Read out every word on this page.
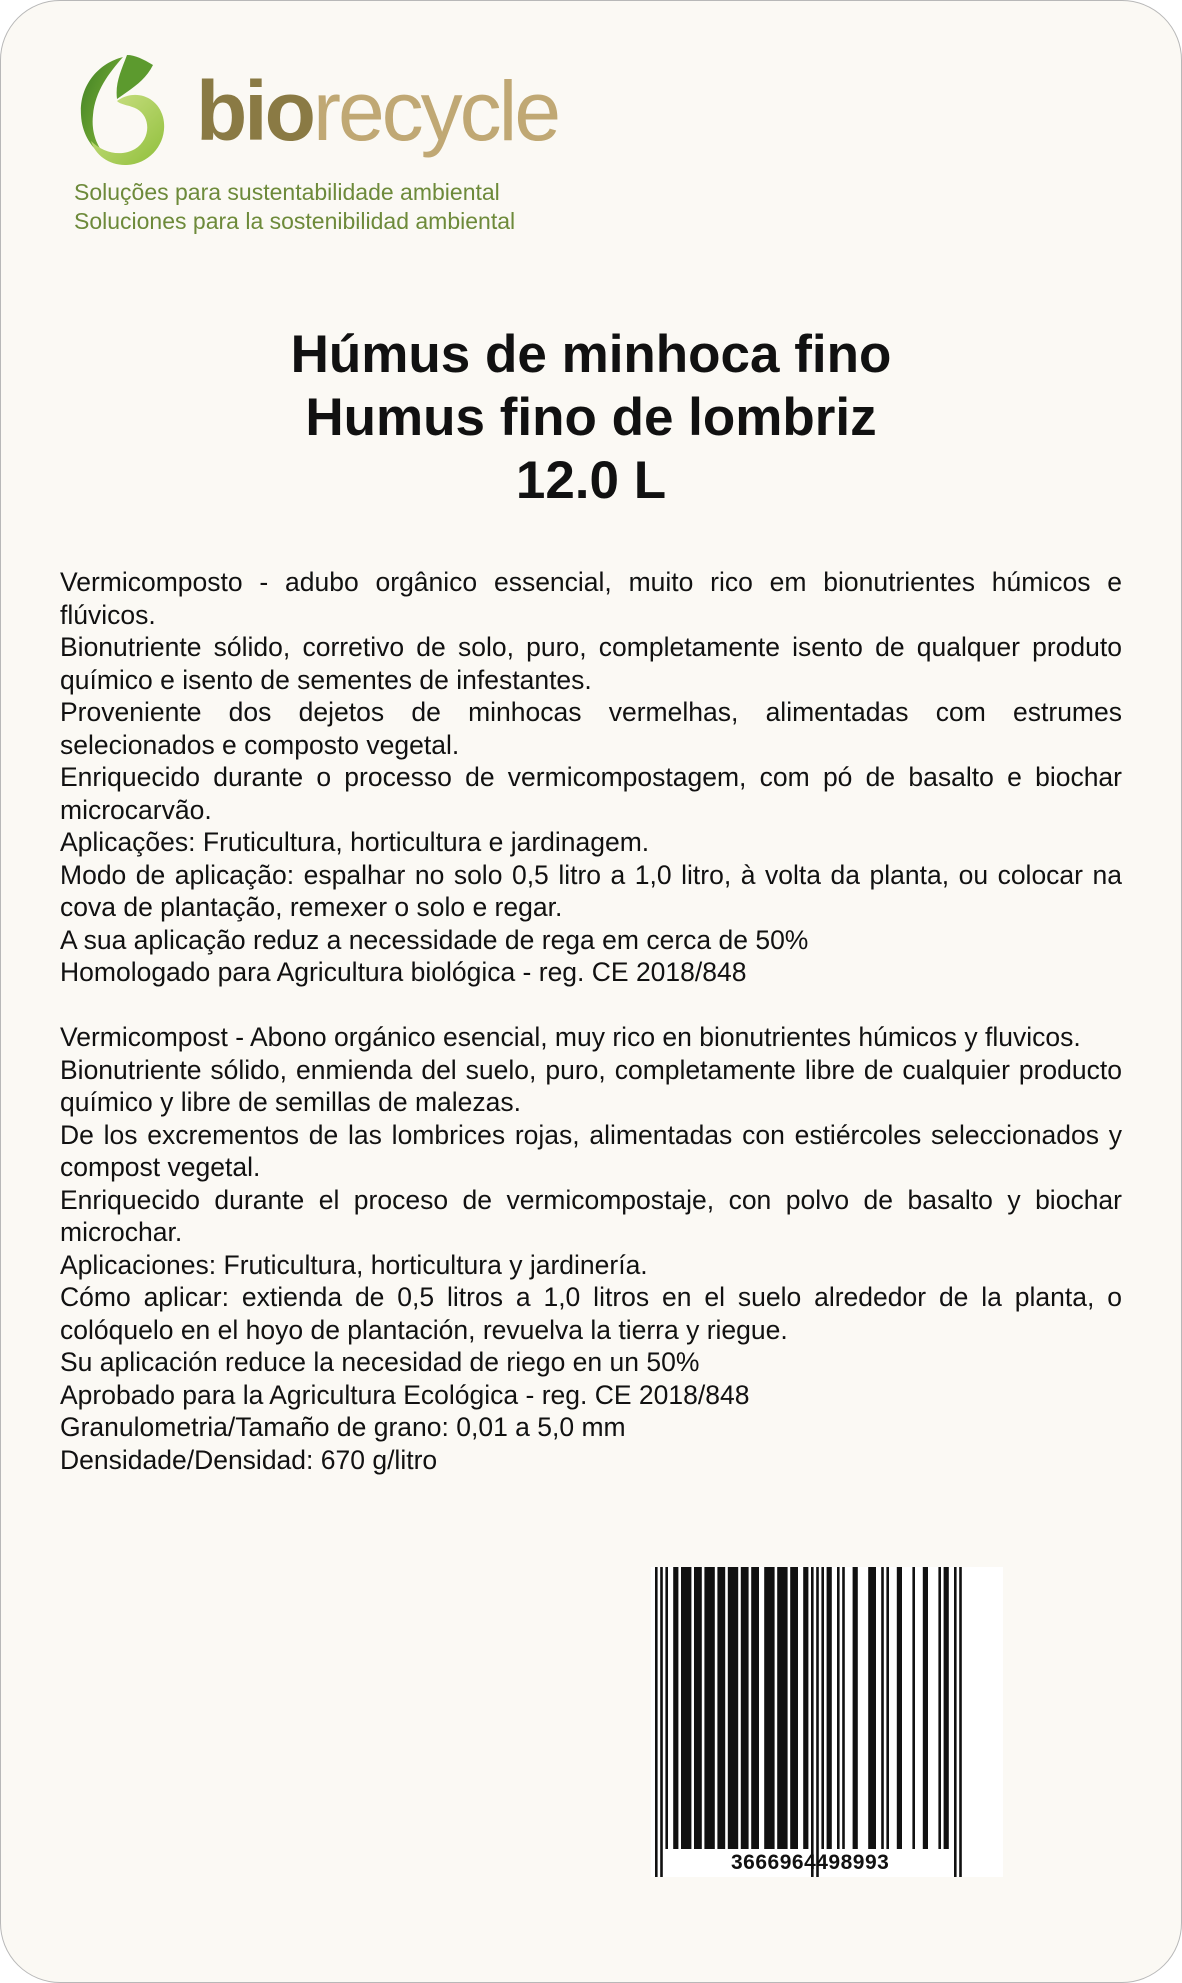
biorecycle
Soluções para sustentabilidade ambiental
Soluciones para la sostenibilidad ambiental
Húmus de minhoca fino
Humus fino de lombriz
12.0 L

Vermicomposto - adubo orgânico essencial, muito rico em bionutrientes húmicos e flúvicos.

Bionutriente sólido, corretivo de solo, puro, completamente isento de qualquer produto químico e isento de sementes de infestantes.

Proveniente dos dejetos de minhocas vermelhas, alimentadas com estrumes selecionados e composto vegetal.

Enriquecido durante o processo de vermicompostagem, com pó de basalto e biochar microcarvão.

Aplicações: Fruticultura, horticultura e jardinagem.

Modo de aplicação: espalhar no solo 0,5 litro a 1,0 litro, à volta da planta, ou colocar na cova de plantação, remexer o solo e regar.

A sua aplicação reduz a necessidade de rega em cerca de 50%

Homologado para Agricultura biológica - reg. CE 2018/848

Vermicompost - Abono orgánico esencial, muy rico en bionutrientes húmicos y fluvicos.

Bionutriente sólido, enmienda del suelo, puro, completamente libre de cualquier producto químico y libre de semillas de malezas.

De los excrementos de las lombrices rojas, alimentadas con estiércoles seleccionados y compost vegetal.

Enriquecido durante el proceso de vermicompostaje, con polvo de basalto y biochar microchar.

Aplicaciones: Fruticultura, horticultura y jardinería.

Cómo aplicar: extienda de 0,5 litros a 1,0 litros en el suelo alrededor de la planta, o colóquelo en el hoyo de plantación, revuelva la tierra y riegue.

Su aplicación reduce la necesidad de riego en un 50%

Aprobado para la Agricultura Ecológica - reg. CE 2018/848

Granulometria/Tamaño de grano: 0,01 a 5,0 mm

Densidade/Densidad: 670 g/litro

3666964498993
